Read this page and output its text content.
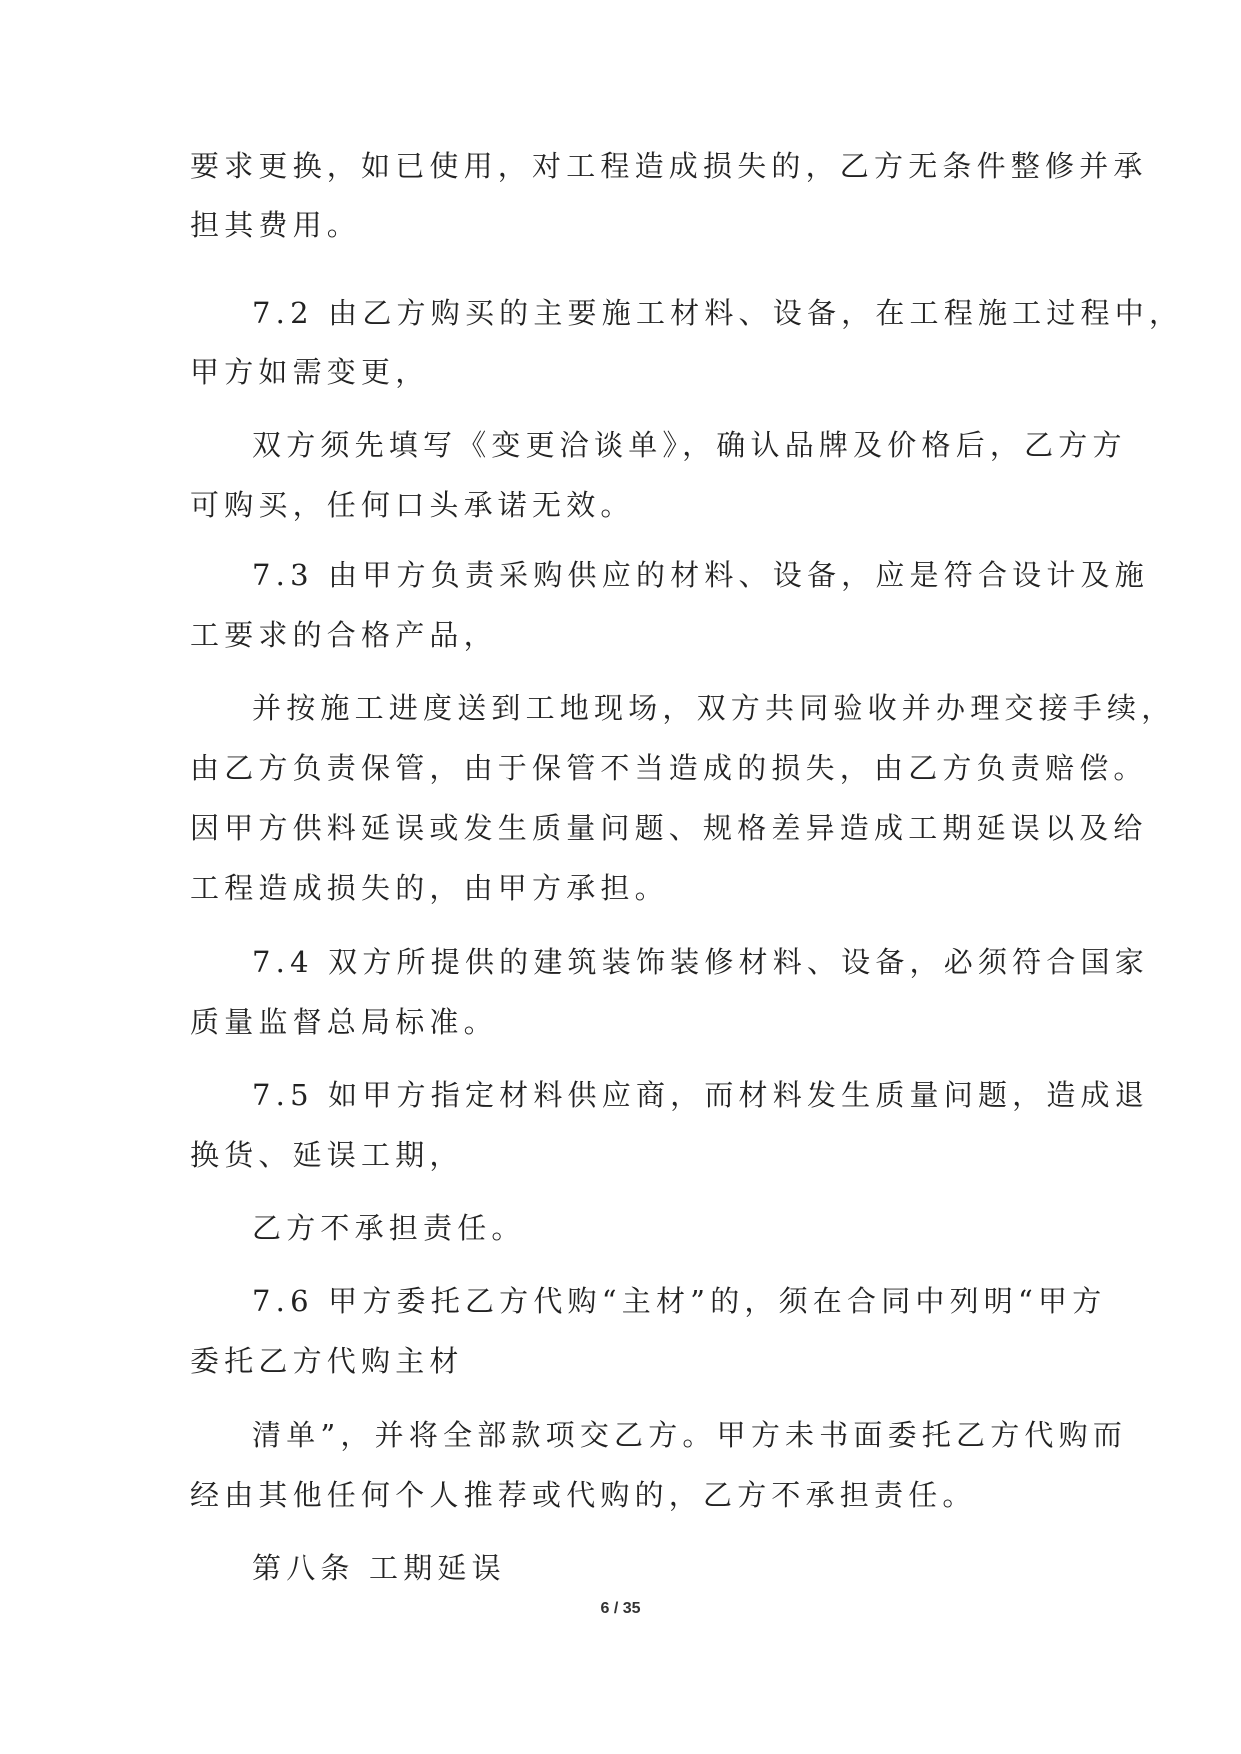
要求更换，如已使用，对工程造成损失的，乙方无条件整修并承
担其费用。
7.2 由乙方购买的主要施工材料、设备，在工程施工过程中，
甲方如需变更，
双方须先填写《变更洽谈单》，确认品牌及价格后，乙方方
可购买，任何口头承诺无效。
7.3 由甲方负责采购供应的材料、设备，应是符合设计及施
工要求的合格产品，
并按施工进度送到工地现场，双方共同验收并办理交接手续，
由乙方负责保管，由于保管不当造成的损失，由乙方负责赔偿。
因甲方供料延误或发生质量问题、规格差异造成工期延误以及给
工程造成损失的，由甲方承担。
7.4 双方所提供的建筑装饰装修材料、设备，必须符合国家
质量监督总局标准。
7.5 如甲方指定材料供应商，而材料发生质量问题，造成退
换货、延误工期，
乙方不承担责任。
7.6 甲方委托乙方代购“主材”的，须在合同中列明“甲方
委托乙方代购主材
清单”，并将全部款项交乙方。甲方未书面委托乙方代购而
经由其他任何个人推荐或代购的，乙方不承担责任。
第八条 工期延误
6 / 35
